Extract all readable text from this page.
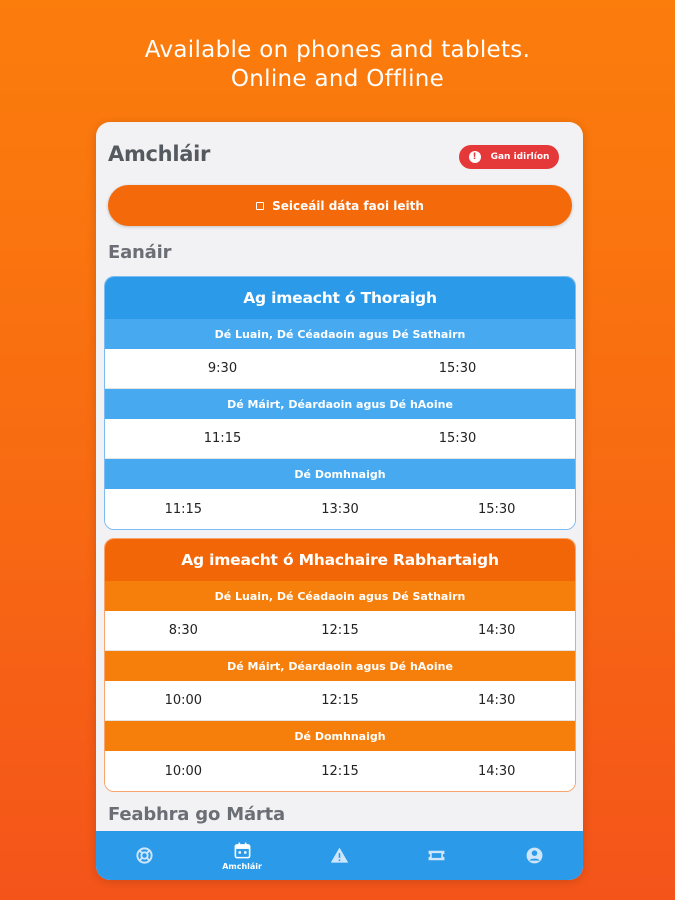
Available on phones and tablets.
Online and Offline
Amchláir	!	Gan idirlíon
Seiceáil dáta faoi leith
Eanáir
Ag imeacht ó Thoraigh
Dé Luain, Dé Céadaoin agus Dé Sathairn
9:30	15:30
Dé Máirt, Déardaoin agus Dé hAoine
11:15	15:30
Dé Domhnaigh
11:15	13:30	15:30
Ag imeacht ó Mhachaire Rabhartaigh
Dé Luain, Dé Céadaoin agus Dé Sathairn
8:30	12:15	14:30
Dé Máirt, Déardaoin agus Dé hAoine
10:00	12:15	14:30
Dé Domhnaigh
10:00	12:15	14:30
Feabhra go Márta
Amchláir
